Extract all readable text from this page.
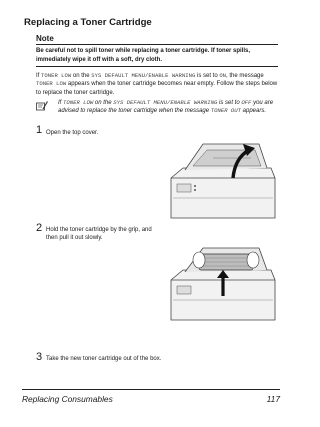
Replacing a Toner Cartridge
Note
Be careful not to spill toner while replacing a toner cartridge. If toner spills, immediately wipe it off with a soft, dry cloth.
If TONER LOW on the SYS DEFAULT MENU/ENABLE WARNING is set to ON, the message TONER LOW appears when the toner cartridge becomes near empty. Follow the steps below to replace the toner cartridge.
If TONER LOW on the SYS DEFAULT MENU/ENABLE WARNING is set to OFF you are advised to replace the toner cartridge when the message TONER OUT appears.
1 Open the top cover.
2 Hold the toner cartridge by the grip, and then pull it out slowly.
3 Take the new toner cartridge out of the box.
Replacing Consumables	117
